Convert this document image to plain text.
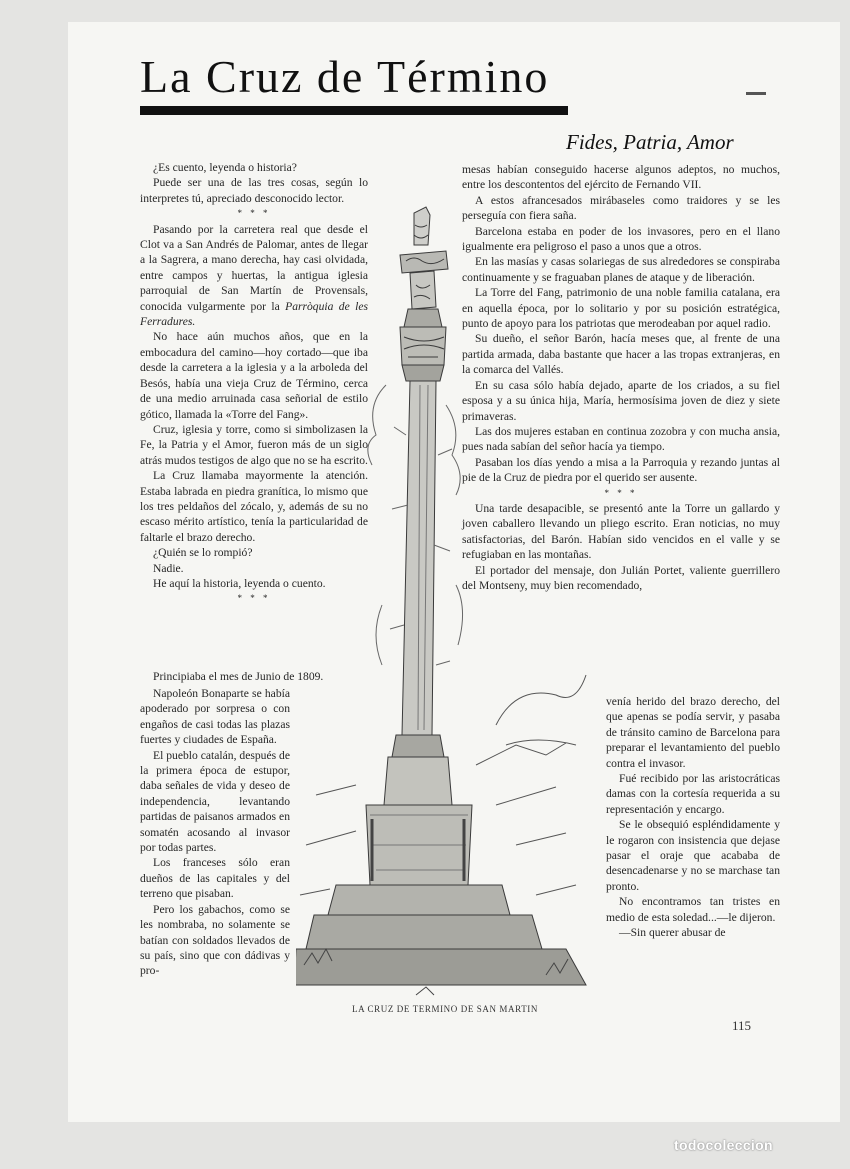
La Cruz de Término
Fides, Patria, Amor

¿Es cuento, leyenda o historia?

Puede ser una de las tres cosas, según lo interpretes tú, apreciado desconocido lector.

* * *

Pasando por la carretera real que desde el Clot va a San Andrés de Palomar, antes de llegar a la Sagrera, a mano derecha, hay casi olvidada, entre campos y huertas, la antigua iglesia parroquial de San Martín de Provensals, conocida vulgarmente por la Parròquia de les Ferradures.

No hace aún muchos años, que en la embocadura del camino—hoy cortado—que iba desde la carretera a la iglesia y a la arboleda del Besós, había una vieja Cruz de Término, cerca de una medio arruinada casa señorial de estilo gótico, llamada la «Torre del Fang».

Cruz, iglesia y torre, como si simbolizasen la Fe, la Patria y el Amor, fueron más de un siglo atrás mudos testigos de algo que no se ha escrito.

La Cruz llamaba mayormente la atención. Estaba labrada en piedra granítica, lo mismo que los tres peldaños del zócalo, y, además de su no escaso mérito artístico, tenía la particularidad de faltarle el brazo derecho.

¿Quién se lo rompió?

Nadie.

He aquí la historia, leyenda o cuento.

* * *

Principiaba el mes de Junio de 1809.

Napoleón Bonaparte se había apoderado por sorpresa o con engaños de casi todas las plazas fuertes y ciudades de España.

El pueblo catalán, después de la primera época de estupor, daba señales de vida y deseo de independencia, levantando partidas de paisanos armados en somatén acosando al invasor por todas partes.

Los franceses sólo eran dueños de las capitales y del terreno que pisaban.

Pero los gabachos, como se les nombraba, no solamente se batían con soldados llevados de su país, sino que con dádivas y pro-

mesas habían conseguido hacerse algunos adeptos, no muchos, entre los descontentos del ejército de Fernando VII.

A estos afrancesados mirábaseles como traidores y se les perseguía con fiera saña.

Barcelona estaba en poder de los invasores, pero en el llano igualmente era peligroso el paso a unos que a otros.

En las masías y casas solariegas de sus alrededores se conspiraba continuamente y se fraguaban planes de ataque y de liberación.

La Torre del Fang, patrimonio de una noble familia catalana, era en aquella época, por lo solitario y por su posición estratégica, punto de apoyo para los patriotas que merodeaban por aquel radio.

Su dueño, el señor Barón, hacía meses que, al frente de una partida armada, daba bastante que hacer a las tropas extranjeras, en la comarca del Vallés.

En su casa sólo había dejado, aparte de los criados, a su fiel esposa y a su única hija, María, hermosísima joven de diez y siete primaveras.

Las dos mujeres estaban en continua zozobra y con mucha ansia, pues nada sabían del señor hacía ya tiempo.

Pasaban los días yendo a misa a la Parroquia y rezando juntas al pie de la Cruz de piedra por el querido ser ausente.

* * *

Una tarde desapacible, se presentó ante la Torre un gallardo y joven caballero llevando un pliego escrito. Eran noticias, no muy satisfactorias, del Barón. Habían sido vencidos en el valle y se refugiaban en las montañas.

El portador del mensaje, don Julián Portet, valiente guerrillero del Montseny, muy bien recomendado,

venía herido del brazo derecho, del que apenas se podía servir, y pasaba de tránsito camino de Barcelona para preparar el levantamiento del pueblo contra el invasor.

Fué recibido por las aristocráticas damas con la cortesía requerida a su representación y encargo.

Se le obsequió espléndidamente y le rogaron con insistencia que dejase pasar el oraje que acababa de desencadenarse y no se marchase tan pronto.

No encontramos tan tristes en medio de esta soledad...—le dijeron.

—Sin querer abusar de

LA CRUZ DE TERMINO DE SAN MARTIN
115
todocoleccion
